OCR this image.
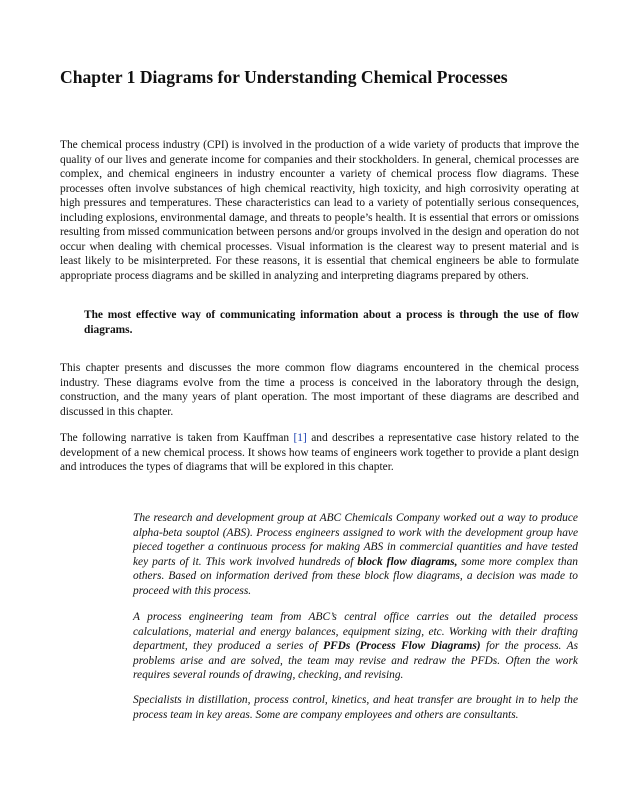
Chapter 1 Diagrams for Understanding Chemical Processes

The chemical process industry (CPI) is involved in the production of a wide variety of products that improve the quality of our lives and generate income for companies and their stockholders. In general, chemical processes are complex, and chemical engineers in industry encounter a variety of chemical process flow diagrams. These processes often involve substances of high chemical reactivity, high toxicity, and high corrosivity operating at high pressures and temperatures. These characteristics can lead to a variety of potentially serious consequences, including explosions, environmental damage, and threats to people’s health. It is essential that errors or omissions resulting from missed communication between persons and/or groups involved in the design and operation do not occur when dealing with chemical processes. Visual information is the clearest way to present material and is least likely to be misinterpreted. For these reasons, it is essential that chemical engineers be able to formulate appropriate process diagrams and be skilled in analyzing and interpreting diagrams prepared by others.

The most effective way of communicating information about a process is through the use of flow diagrams.

This chapter presents and discusses the more common flow diagrams encountered in the chemical process industry. These diagrams evolve from the time a process is conceived in the laboratory through the design, construction, and the many years of plant operation. The most important of these diagrams are described and discussed in this chapter.

The following narrative is taken from Kauffman [1] and describes a representative case history related to the development of a new chemical process. It shows how teams of engineers work together to provide a plant design and introduces the types of diagrams that will be explored in this chapter.

The research and development group at ABC Chemicals Company worked out a way to produce alpha-beta souptol (ABS). Process engineers assigned to work with the development group have pieced together a continuous process for making ABS in commercial quantities and have tested key parts of it. This work involved hundreds of block flow diagrams, some more complex than others. Based on information derived from these block flow diagrams, a decision was made to proceed with this process.

A process engineering team from ABC’s central office carries out the detailed process calculations, material and energy balances, equipment sizing, etc. Working with their drafting department, they produced a series of PFDs (Process Flow Diagrams) for the process. As problems arise and are solved, the team may revise and redraw the PFDs. Often the work requires several rounds of drawing, checking, and revising.

Specialists in distillation, process control, kinetics, and heat transfer are brought in to help the process team in key areas. Some are company employees and others are consultants.
